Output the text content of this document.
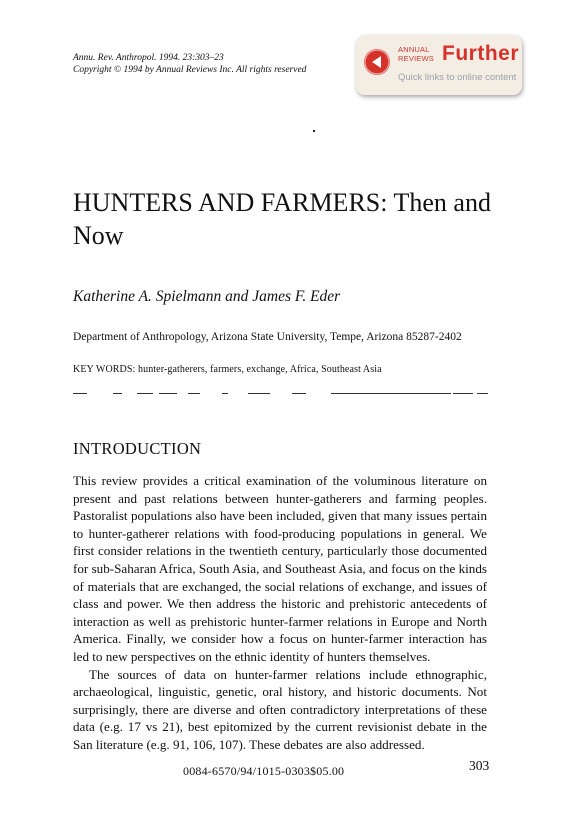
Annu. Rev. Anthropol. 1994. 23:303–23
Copyright © 1994 by Annual Reviews Inc. All rights reserved
ANNUAL
REVIEWS Further
Quick links to online content
HUNTERS AND FARMERS: Then and Now
Katherine A. Spielmann and James F. Eder
Department of Anthropology, Arizona State University, Tempe, Arizona 85287-2402
KEY WORDS: hunter-gatherers, farmers, exchange, Africa, Southeast Asia
INTRODUCTION

This review provides a critical examination of the voluminous literature on present and past relations between hunter-gatherers and farming peoples. Pastoralist populations also have been included, given that many issues pertain to hunter-gatherer relations with food-producing populations in general. We first consider relations in the twentieth century, particularly those documented for sub-Saharan Africa, South Asia, and Southeast Asia, and focus on the kinds of materials that are exchanged, the social relations of exchange, and issues of class and power. We then address the historic and prehistoric antecedents of interaction as well as prehistoric hunter-farmer relations in Europe and North America. Finally, we consider how a focus on hunter-farmer interaction has led to new perspectives on the ethnic identity of hunters themselves.

The sources of data on hunter-farmer relations include ethnographic, archaeological, linguistic, genetic, oral history, and historic documents. Not surprisingly, there are diverse and often contradictory interpretations of these data (e.g. 17 vs 21), best epitomized by the current revisionist debate in the San literature (e.g. 91, 106, 107). These debates are also addressed.

0084-6570/94/1015-0303$05.00	303
